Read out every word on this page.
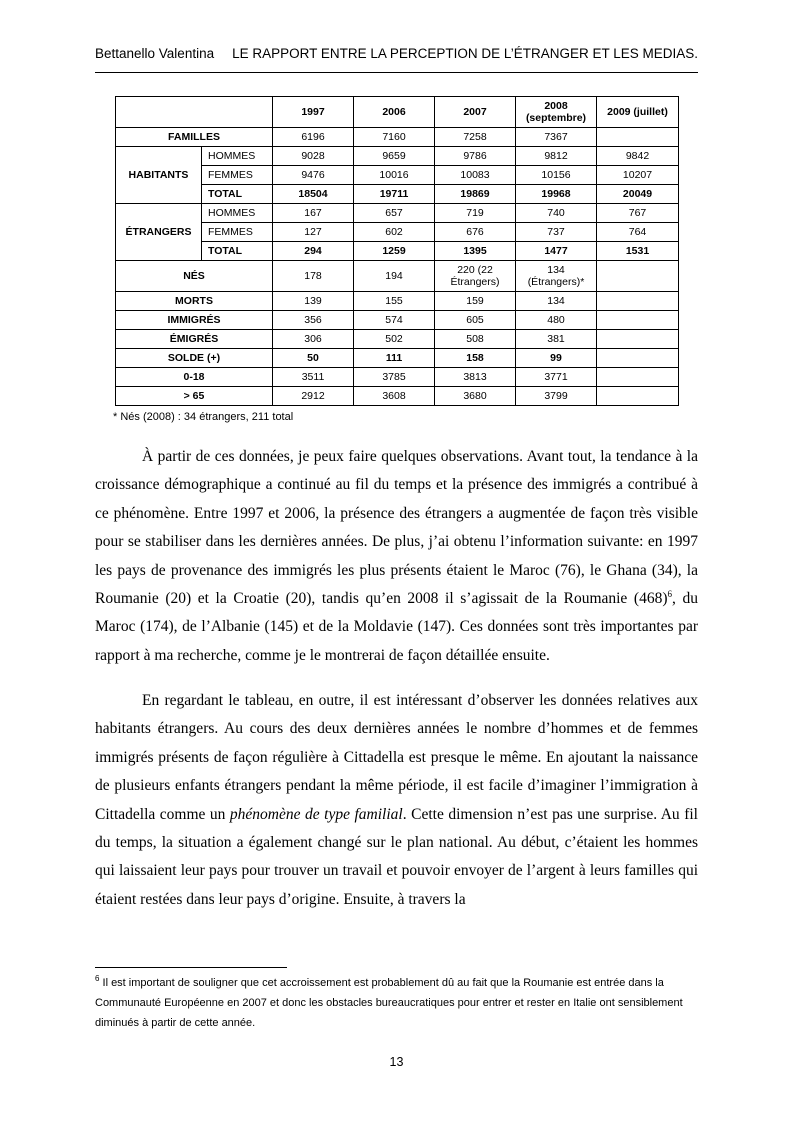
Bettanello Valentina LE RAPPORT ENTRE LA PERCEPTION DE L’ÉTRANGER ET LES MEDIAS.
		1997	2006	2007	2008 (septembre)	2009 (juillet)
FAMILLES		6196	7160	7258	7367	
HABITANTS	HOMMES	9028	9659	9786	9812	9842
	FEMMES	9476	10016	10083	10156	10207
	TOTAL	18504	19711	19869	19968	20049
ÉTRANGERS	HOMMES	167	657	719	740	767
	FEMMES	127	602	676	737	764
	TOTAL	294	1259	1395	1477	1531
NÉS		178	194	220 (22 Étrangers)	134 (Étrangers)*	
MORTS		139	155	159	134	
IMMIGRÉS		356	574	605	480	
ÉMIGRÉS		306	502	508	381	
SOLDE (+)		50	111	158	99	
0-18		3511	3785	3813	3771	
> 65		2912	3608	3680	3799	
* Nés (2008) : 34 étrangers, 211 total

À partir de ces données, je peux faire quelques observations. Avant tout, la tendance à la croissance démographique a continué au fil du temps et la présence des immigrés a contribué à ce phénomène. Entre 1997 et 2006, la présence des étrangers a augmentée de façon très visible pour se stabiliser dans les dernières années. De plus, j’ai obtenu l’information suivante: en 1997 les pays de provenance des immigrés les plus présents étaient le Maroc (76), le Ghana (34), la Roumanie (20) et la Croatie (20), tandis qu’en 2008 il s’agissait de la Roumanie $(468)^6$, du Maroc (174), de l’Albanie (145) et de la Moldavie (147). Ces données sont très importantes par rapport à ma recherche, comme je le montrerai de façon détaillée ensuite.

En regardant le tableau, en outre, il est intéressant d’observer les données relatives aux habitants étrangers. Au cours des deux dernières années le nombre d’hommes et de femmes immigrés présents de façon régulière à Cittadella est presque le même. En ajoutant la naissance de plusieurs enfants étrangers pendant la même période, il est facile d’imaginer l’immigration à Cittadella comme un phénomène de type familial. Cette dimension n’est pas une surprise. Au fil du temps, la situation a également changé sur le plan national. Au début, c’étaient les hommes qui laissaient leur pays pour trouver un travail et pouvoir envoyer de l’argent à leurs familles qui étaient restées dans leur pays d’origine. Ensuite, à travers la

$^6$ Il est important de souligner que cet accroissement est probablement dû au fait que la Roumanie est entrée dans la Communauté Européenne en 2007 et donc les obstacles bureaucratiques pour entrer et rester en Italie ont sensiblement diminués à partir de cette année.

13
